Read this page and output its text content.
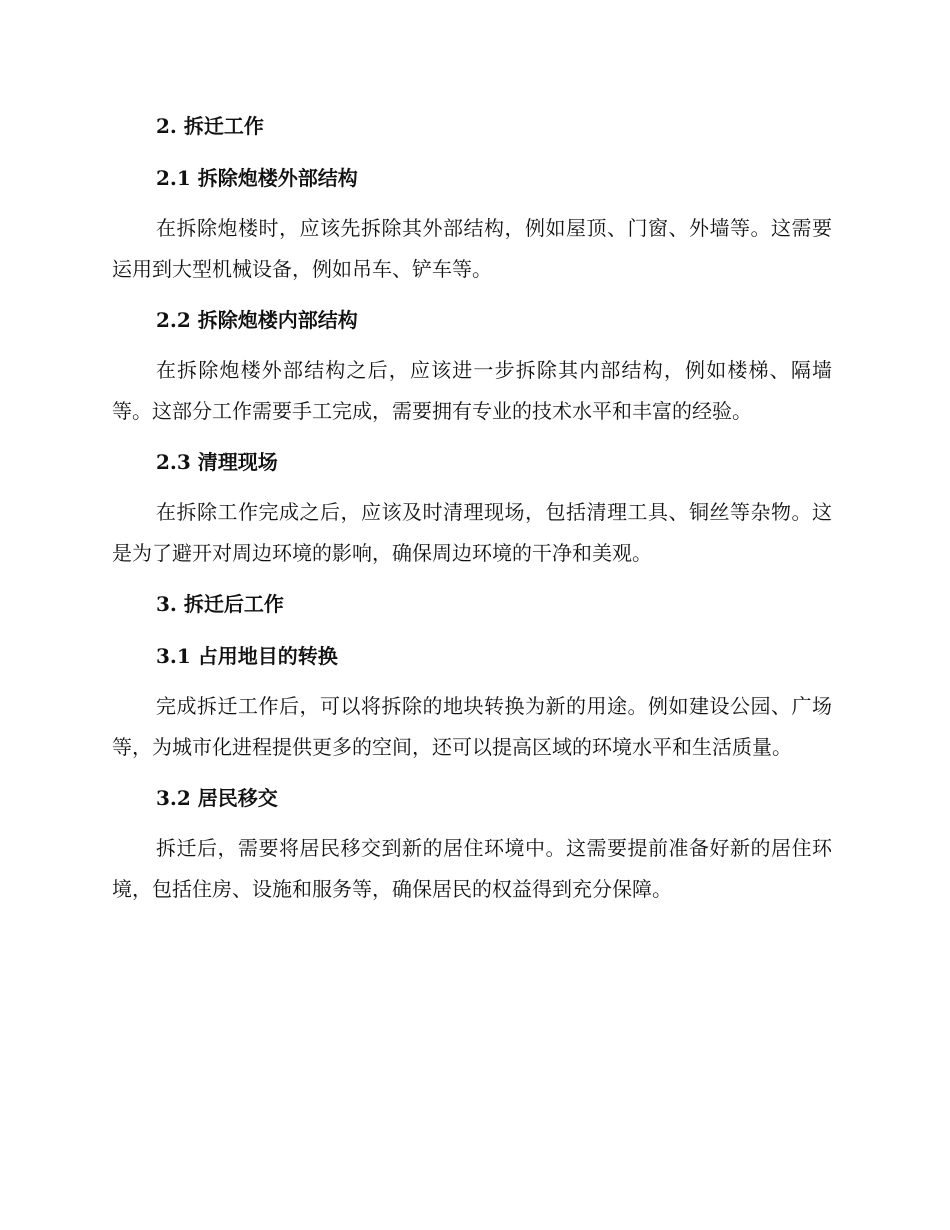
2. 拆迁工作
2.1 拆除炮楼外部结构

在拆除炮楼时，应该先拆除其外部结构，例如屋顶、门窗、外墙等。这需要运用到大型机械设备，例如吊车、铲车等。

2.2 拆除炮楼内部结构

在拆除炮楼外部结构之后，应该进一步拆除其内部结构，例如楼梯、隔墙等。这部分工作需要手工完成，需要拥有专业的技术水平和丰富的经验。

2.3 清理现场

在拆除工作完成之后，应该及时清理现场，包括清理工具、铜丝等杂物。这是为了避开对周边环境的影响，确保周边环境的干净和美观。

3. 拆迁后工作
3.1 占用地目的转换

完成拆迁工作后，可以将拆除的地块转换为新的用途。例如建设公园、广场等，为城市化进程提供更多的空间，还可以提高区域的环境水平和生活质量。

3.2 居民移交

拆迁后，需要将居民移交到新的居住环境中。这需要提前准备好新的居住环境，包括住房、设施和服务等，确保居民的权益得到充分保障。
